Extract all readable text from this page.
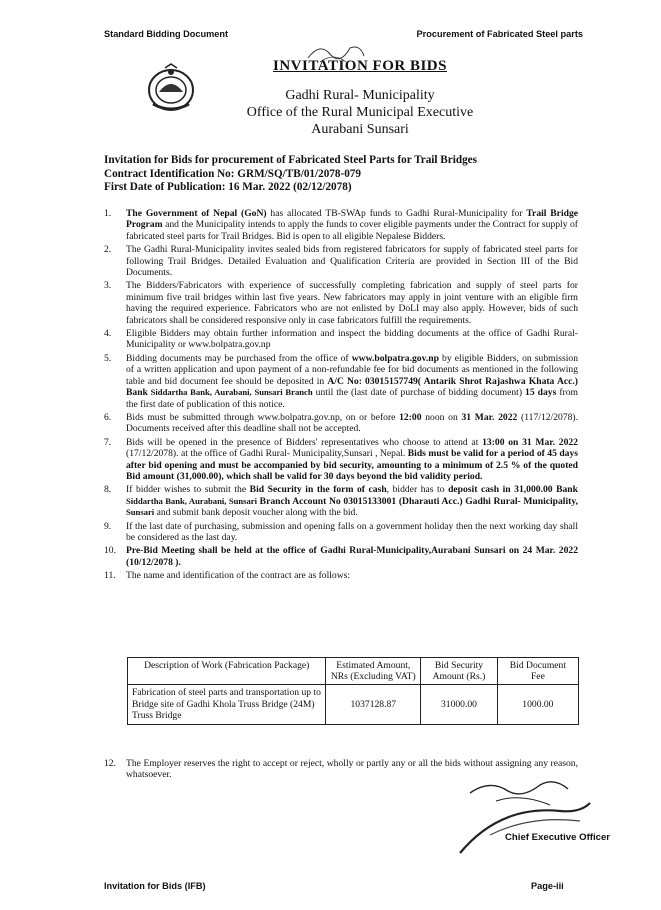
Standard Bidding Document	Procurement of Fabricated Steel parts
INVITATION FOR BIDS
Gadhi Rural- Municipality
Office of the Rural Municipal Executive
Aurabani Sunsari
Invitation for Bids for procurement of Fabricated Steel Parts for Trail Bridges
Contract Identification No: GRM/SQ/TB/01/2078-079
First Date of Publication: 16 Mar. 2022 (02/12/2078)
1. The Government of Nepal (GoN) has allocated TB-SWAp funds to Gadhi Rural-Municipality for Trail Bridge Program and the Municipality intends to apply the funds to cover eligible payments under the Contract for supply of fabricated steel parts for Trail Bridges. Bid is open to all eligible Nepalese Bidders.
2. The Gadhi Rural-Municipality invites sealed bids from registered fabricators for supply of fabricated steel parts for following Trail Bridges. Detailed Evaluation and Qualification Criteria are provided in Section III of the Bid Documents.
3. The Bidders/Fabricators with experience of successfully completing fabrication and supply of steel parts for minimum five trail bridges within last five years. New fabricators may apply in joint venture with an eligible firm having the required experience. Fabricators who are not enlisted by DoLI may also apply. However, bids of such fabricators shall be considered responsive only in case fabricators fulfill the requirements.
4. Eligible Bidders may obtain further information and inspect the bidding documents at the office of Gadhi Rural- Municipality or www.bolpatra.gov.np
5. Bidding documents may be purchased from the office of www.bolpatra.gov.np by eligible Bidders, on submission of a written application and upon payment of a non-refundable fee for bid documents as mentioned in the following table and bid document fee should be deposited in A/C No: 03015157749( Antarik Shrot Rajashwa Khata Acc.) Bank Siddartha Bank, Aurabani, Sunsari Branch until the (last date of purchase of bidding document) 15 days from the first date of publication of this notice.
6. Bids must be submitted through www.bolpatra.gov.np, on or before 12:00 noon on 31 Mar. 2022 (117/12/2078). Documents received after this deadline shall not be accepted.
7. Bids will be opened in the presence of Bidders' representatives who choose to attend at 13:00 on 31 Mar. 2022 (17/12/2078). at the office of Gadhi Rural- Municipality,Sunsari , Nepal. Bids must be valid for a period of 45 days after bid opening and must be accompanied by bid security, amounting to a minimum of 2.5 % of the quoted Bid amount (31,000.00), which shall be valid for 30 days beyond the bid validity period.
8. If bidder wishes to submit the Bid Security in the form of cash, bidder has to deposit cash in 31,000.00 Bank Siddartha Bank, Aurabani, Sunsari Branch Account No 03015133001 (Dharauti Acc.) Gadhi Rural- Municipality, Sunsari and submit bank deposit voucher along with the bid.
9. If the last date of purchasing, submission and opening falls on a government holiday then the next working day shall be considered as the last day.
10. Pre-Bid Meeting shall be held at the office of Gadhi Rural-Municipality,Aurabani Sunsari on 24 Mar. 2022 (10/12/2078 ).
11. The name and identification of the contract are as follows:
Description of Work (Fabrication Package)	Estimated Amount, NRs (Excluding VAT)	Bid Security Amount (Rs.)	Bid Document Fee
Fabrication of steel parts and transportation up to Bridge site of Gadhi Khola Truss Bridge (24M) Truss Bridge	1037128.87	31000.00	1000.00
12. The Employer reserves the right to accept or reject, wholly or partly any or all the bids without assigning any reason, whatsoever.
Chief Executive Officer
Invitation for Bids (IFB)	Page-iii
